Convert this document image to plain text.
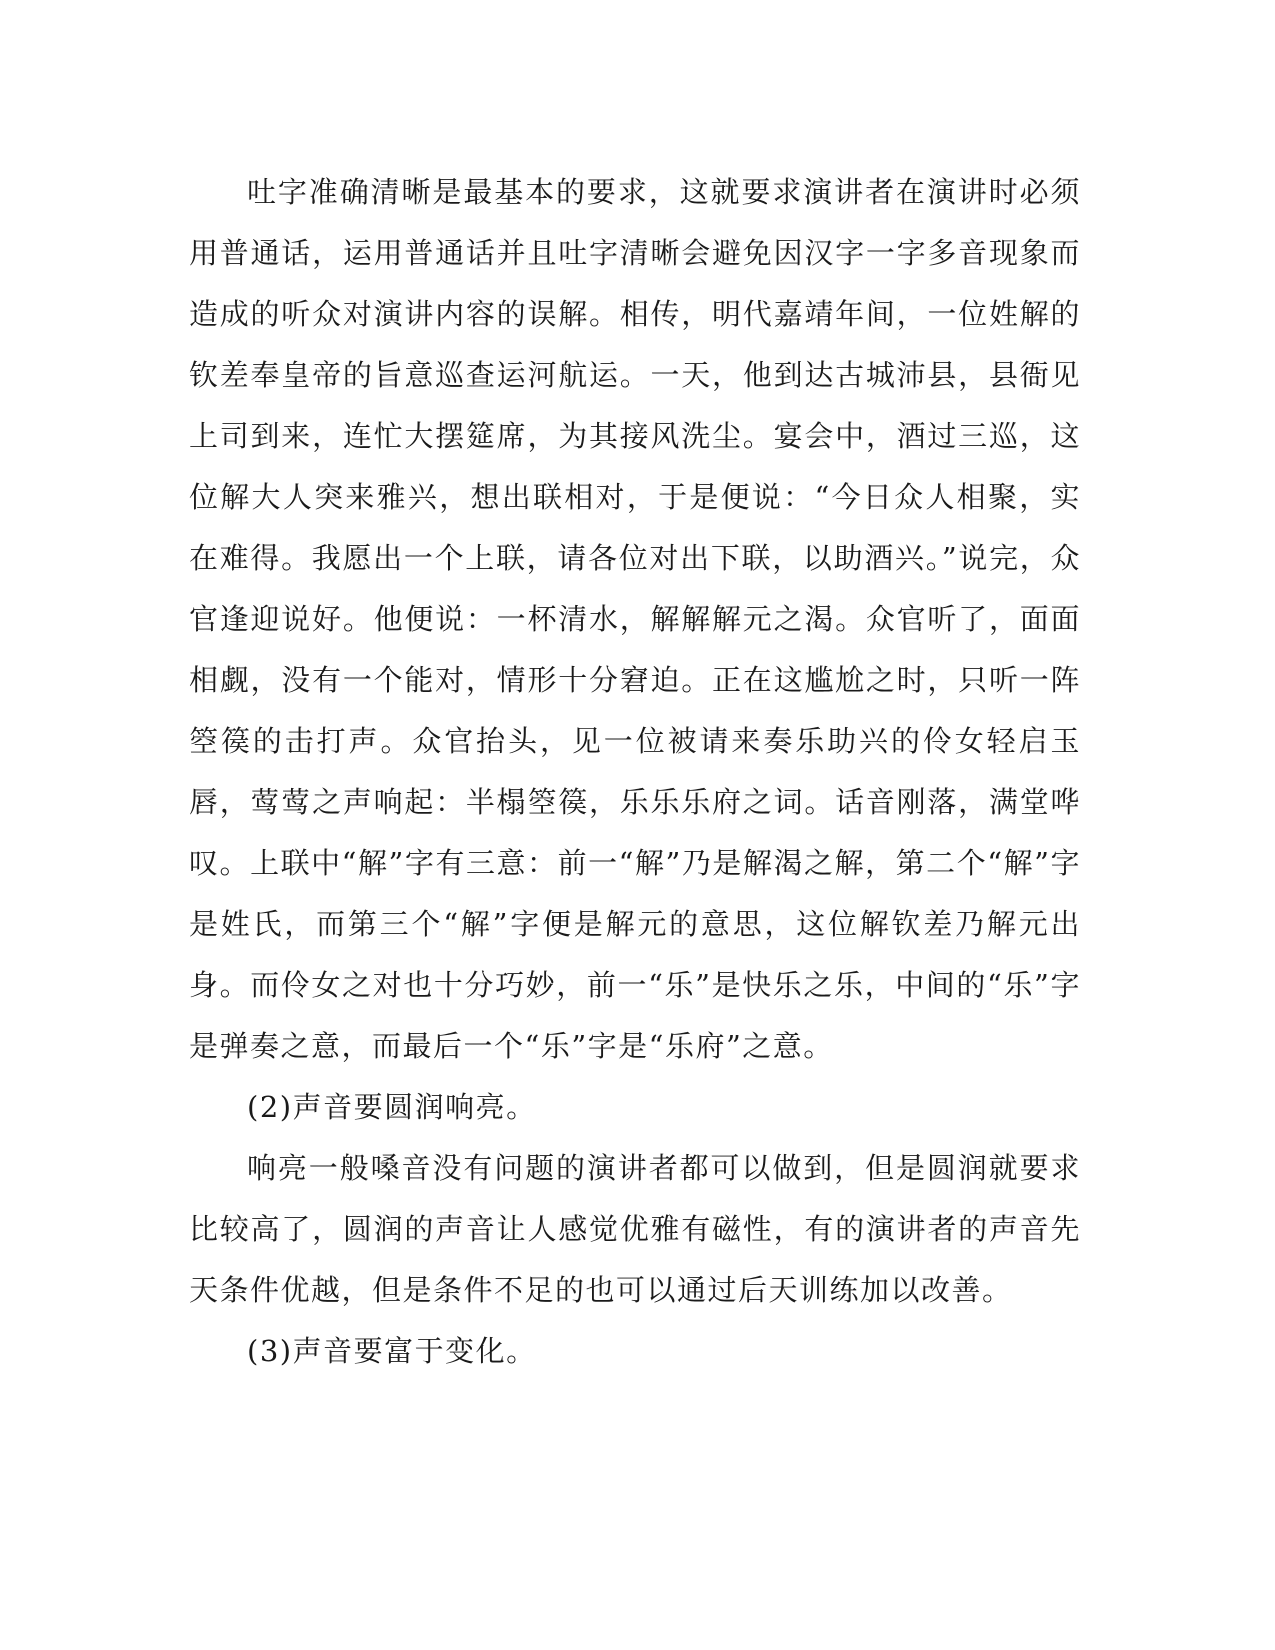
吐字准确清晰是最基本的要求，这就要求演讲者在演讲时必须用普通话，运用普通话并且吐字清晰会避免因汉字一字多音现象而造成的听众对演讲内容的误解。相传，明代嘉靖年间，一位姓解的钦差奉皇帝的旨意巡查运河航运。一天，他到达古城沛县，县衙见上司到来，连忙大摆筵席，为其接风洗尘。宴会中，酒过三巡，这位解大人突来雅兴，想出联相对，于是便说：“今日众人相聚，实在难得。我愿出一个上联，请各位对出下联，以助酒兴。”说完，众官逢迎说好。他便说：一杯清水，解解解元之渴。众官听了，面面相觑，没有一个能对，情形十分窘迫。正在这尴尬之时，只听一阵箜篌的击打声。众官抬头，见一位被请来奏乐助兴的伶女轻启玉唇，莺莺之声响起：半榻箜篌，乐乐乐府之词。话音刚落，满堂哗叹。上联中“解”字有三意：前一“解”乃是解渴之解，第二个“解”字是姓氏，而第三个“解”字便是解元的意思，这位解钦差乃解元出身。而伶女之对也十分巧妙，前一“乐”是快乐之乐，中间的“乐”字是弹奏之意，而最后一个“乐”字是“乐府”之意。

(2)声音要圆润响亮。

响亮一般嗓音没有问题的演讲者都可以做到，但是圆润就要求比较高了，圆润的声音让人感觉优雅有磁性，有的演讲者的声音先天条件优越，但是条件不足的也可以通过后天训练加以改善。

(3)声音要富于变化。
